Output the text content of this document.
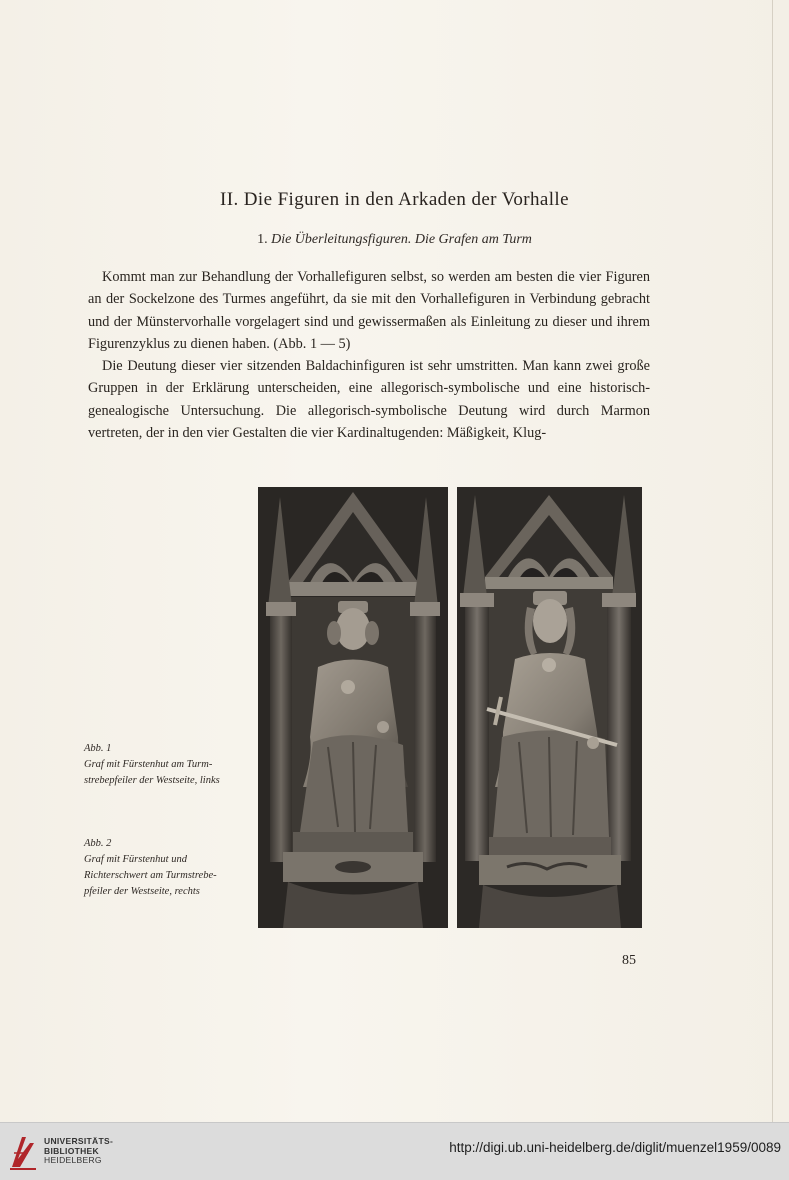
II. Die Figuren in den Arkaden der Vorhalle
1. Die Überleitungsfiguren. Die Grafen am Turm

Kommt man zur Behandlung der Vorhallefiguren selbst, so werden am besten die vier Figuren an der Sockelzone des Turmes angeführt, da sie mit den Vorhallefiguren in Verbindung gebracht und der Münstervorhalle vorgelagert sind und gewissermaßen als Einleitung zu dieser und ihrem Figurenzyklus zu dienen haben. (Abb. 1 — 5)

Die Deutung dieser vier sitzenden Baldachinfiguren ist sehr umstritten. Man kann zwei große Gruppen in der Erklärung unterscheiden, eine allegorisch-symbolische und eine historisch-genealogische Untersuchung. Die allegorisch-symbolische Deutung wird durch Marmon vertreten, der in den vier Gestalten die vier Kardinaltugenden: Mäßigkeit, Klug-

Abb. 1
Graf mit Fürstenhut am Turm-
strebepfeiler der Westseite, links
Abb. 2
Graf mit Fürstenhut und
Richterschwert am Turmstrebe-
pfeiler der Westseite, rechts
85
UNIVERSITÄTS-
BIBLIOTHEK
HEIDELBERG
http://digi.ub.uni-heidelberg.de/diglit/muenzel1959/0089
